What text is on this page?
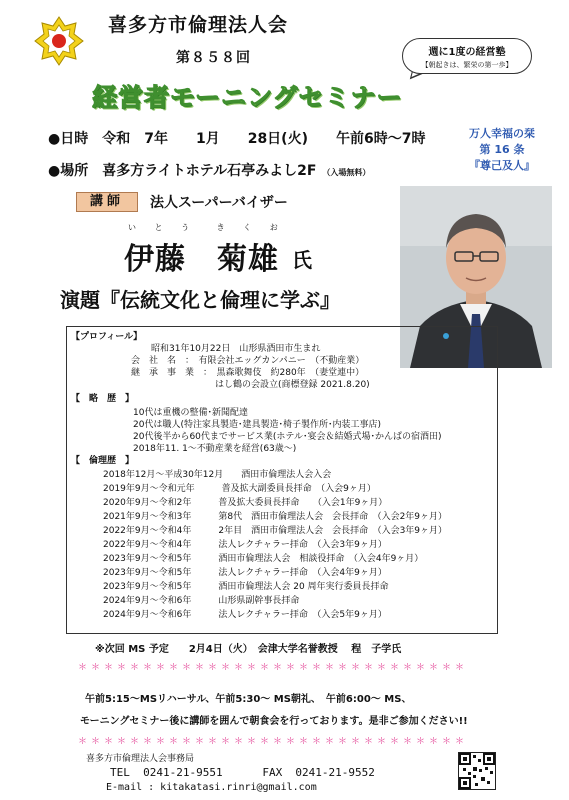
喜多方市倫理法人会
第８５８回
経営者モーニングセミナー
週に1度の経営塾
【朝起きは、繁栄の第一歩】
●日時　令和　7年　　1月　　28日(火)　　午前6時～7時
●場所　喜多方ライトホテル石亭みよし2F （入場無料）
万人幸福の栞
第 16 条
『尊己及人』
講師	法人スーパーバイザー
い と う　 き く お
伊藤　菊雄 氏
演題『伝統文化と倫理に学ぶ』
【プロフィール】
昭和31年10月22日　山形県酒田市生まれ
会　社　名　：　有限会社エッグカンパニー　（不動産業）
継　承　事　業　：　黒森歌舞伎　約280年　（妻堂連中）
はし鶴の会設立(商標登録 2021.8.20)
【　略　歴　】
10代は重機の整備･新聞配達
20代は職人(特注家具製造･建具製造･椅子製作所･内装工事店)
20代後半から60代までサービス業(ホテル･宴会＆結婚式場･かんぱの宿酒田)
2018年11. 1～不動産業を経営(63歳～)
【　倫理歴　】
2018年12月～平成30年12月　　酒田市倫理法人会入会
2019年9月～令和元年　　　普及拡大副委員長拝命　（入会9ヶ月）
2020年9月～令和2年　　　普及拡大委員長拝命　　（入会1年9ヶ月）
2021年9月～令和3年　　　第8代　酒田市倫理法人会　会長拝命　（入会2年9ヶ月）
2022年9月～令和4年　　　2年目　酒田市倫理法人会　会長拝命　（入会3年9ヶ月）
2022年9月～令和4年　　　法人レクチャラー拝命　（入会3年9ヶ月）
2023年9月～令和5年　　　酒田市倫理法人会　相談役拝命　（入会4年9ヶ月）
2023年9月～令和5年　　　法人レクチャラー拝命　（入会4年9ヶ月）
2023年9月～令和5年　　　酒田市倫理法人会 20 周年実行委員長拝命
2024年9月～令和6年　　　山形県副幹事長拝命
2024年9月～令和6年　　　法人レクチャラー拝命　（入会5年9ヶ月）
※次回 MS 予定　　2月4日（火）　会津大学名誉教授　 程　子学氏
＊＊＊＊＊＊＊＊＊＊＊＊＊＊＊＊＊＊＊＊＊＊＊＊＊＊＊＊＊＊
午前5:15～MSリハーサル、午前5:30～ MS朝礼、　午前6:00～ MS、
モーニングセミナー後に講師を囲んで朝食会を行っております。是非ご参加ください!!
＊＊＊＊＊＊＊＊＊＊＊＊＊＊＊＊＊＊＊＊＊＊＊＊＊＊＊＊＊＊
喜多方市倫理法人会事務局
TEL  0241-21-9551      FAX  0241-21-9552
E-mail : kitakatasi.rinri@gmail.com
